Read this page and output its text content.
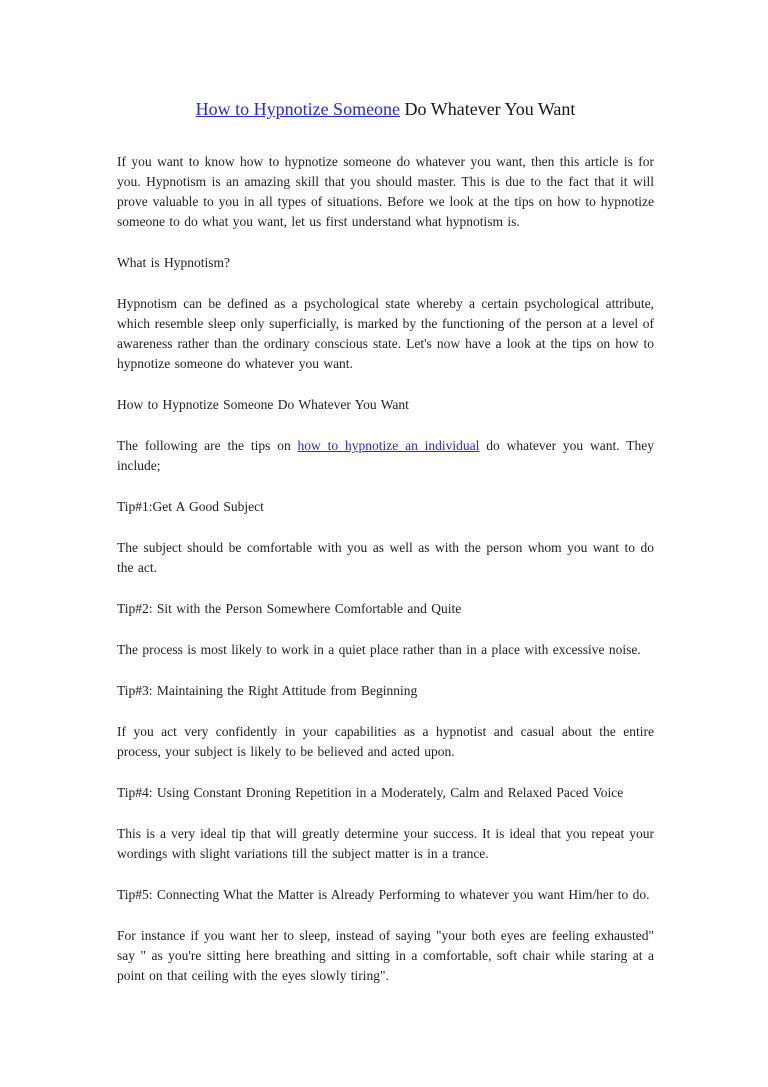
How to Hypnotize Someone Do Whatever You Want

If you want to know how to hypnotize someone do whatever you want, then this article is for you. Hypnotism is an amazing skill that you should master. This is due to the fact that it will prove valuable to you in all types of situations. Before we look at the tips on how to hypnotize someone to do what you want, let us first understand what hypnotism is.

What is Hypnotism?

Hypnotism can be defined as a psychological state whereby a certain psychological attribute, which resemble sleep only superficially, is marked by the functioning of the person at a level of awareness rather than the ordinary conscious state. Let's now have a look at the tips on how to hypnotize someone do whatever you want.

How to Hypnotize Someone Do Whatever You Want

The following are the tips on how to hypnotize an individual do whatever you want. They include;

Tip#1:Get A Good Subject

The subject should be comfortable with you as well as with the person whom you want to do the act.

Tip#2: Sit with the Person Somewhere Comfortable and Quite

The process is most likely to work in a quiet place rather than in a place with excessive noise.

Tip#3: Maintaining the Right Attitude from Beginning

If you act very confidently in your capabilities as a hypnotist and casual about the entire process, your subject is likely to be believed and acted upon.

Tip#4: Using Constant Droning Repetition in a Moderately, Calm and Relaxed Paced Voice

This is a very ideal tip that will greatly determine your success. It is ideal that you repeat your wordings with slight variations till the subject matter is in a trance.

Tip#5: Connecting What the Matter is Already Performing to whatever you want Him/her to do.

For instance if you want her to sleep, instead of saying "your both eyes are feeling exhausted" say " as you're sitting here breathing and sitting in a comfortable, soft chair while staring at a point on that ceiling with the eyes slowly tiring".
